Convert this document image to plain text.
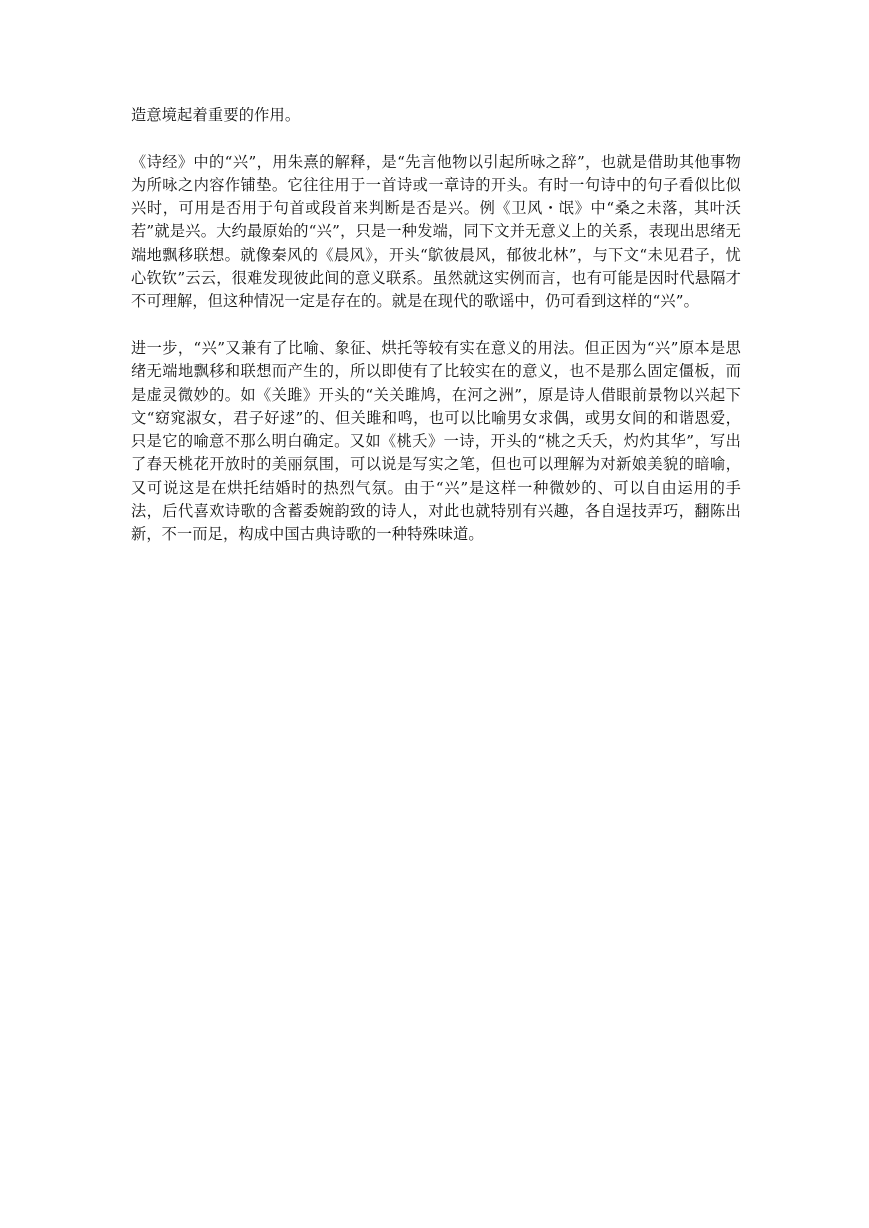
造意境起着重要的作用。

《诗经》中的“兴”，用朱熹的解释，是“先言他物以引起所咏之辞”，也就是借助其他事物为所咏之内容作铺垫。它往往用于一首诗或一章诗的开头。有时一句诗中的句子看似比似兴时，可用是否用于句首或段首来判断是否是兴。例《卫风・氓》中“桑之未落，其叶沃若”就是兴。大约最原始的“兴”，只是一种发端，同下文并无意义上的关系，表现出思绪无端地飘移联想。就像秦风的《晨风》，开头“鴥彼晨风，郁彼北林”，与下文“未见君子，忧心钦钦”云云，很难发现彼此间的意义联系。虽然就这实例而言，也有可能是因时代悬隔才不可理解，但这种情况一定是存在的。就是在现代的歌谣中，仍可看到这样的“兴”。

进一步，“兴”又兼有了比喻、象征、烘托等较有实在意义的用法。但正因为“兴”原本是思绪无端地飘移和联想而产生的，所以即使有了比较实在的意义，也不是那么固定僵板，而是虚灵微妙的。如《关雎》开头的“关关雎鸠，在河之洲”，原是诗人借眼前景物以兴起下文“窈窕淑女，君子好逑”的、但关雎和鸣，也可以比喻男女求偶，或男女间的和谐恩爱，只是它的喻意不那么明白确定。又如《桃夭》一诗，开头的“桃之夭夭，灼灼其华”，写出了春天桃花开放时的美丽氛围，可以说是写实之笔，但也可以理解为对新娘美貌的暗喻，又可说这是在烘托结婚时的热烈气氛。由于“兴”是这样一种微妙的、可以自由运用的手法，后代喜欢诗歌的含蓄委婉韵致的诗人，对此也就特别有兴趣，各自逞技弄巧，翻陈出新，不一而足，构成中国古典诗歌的一种特殊味道。
